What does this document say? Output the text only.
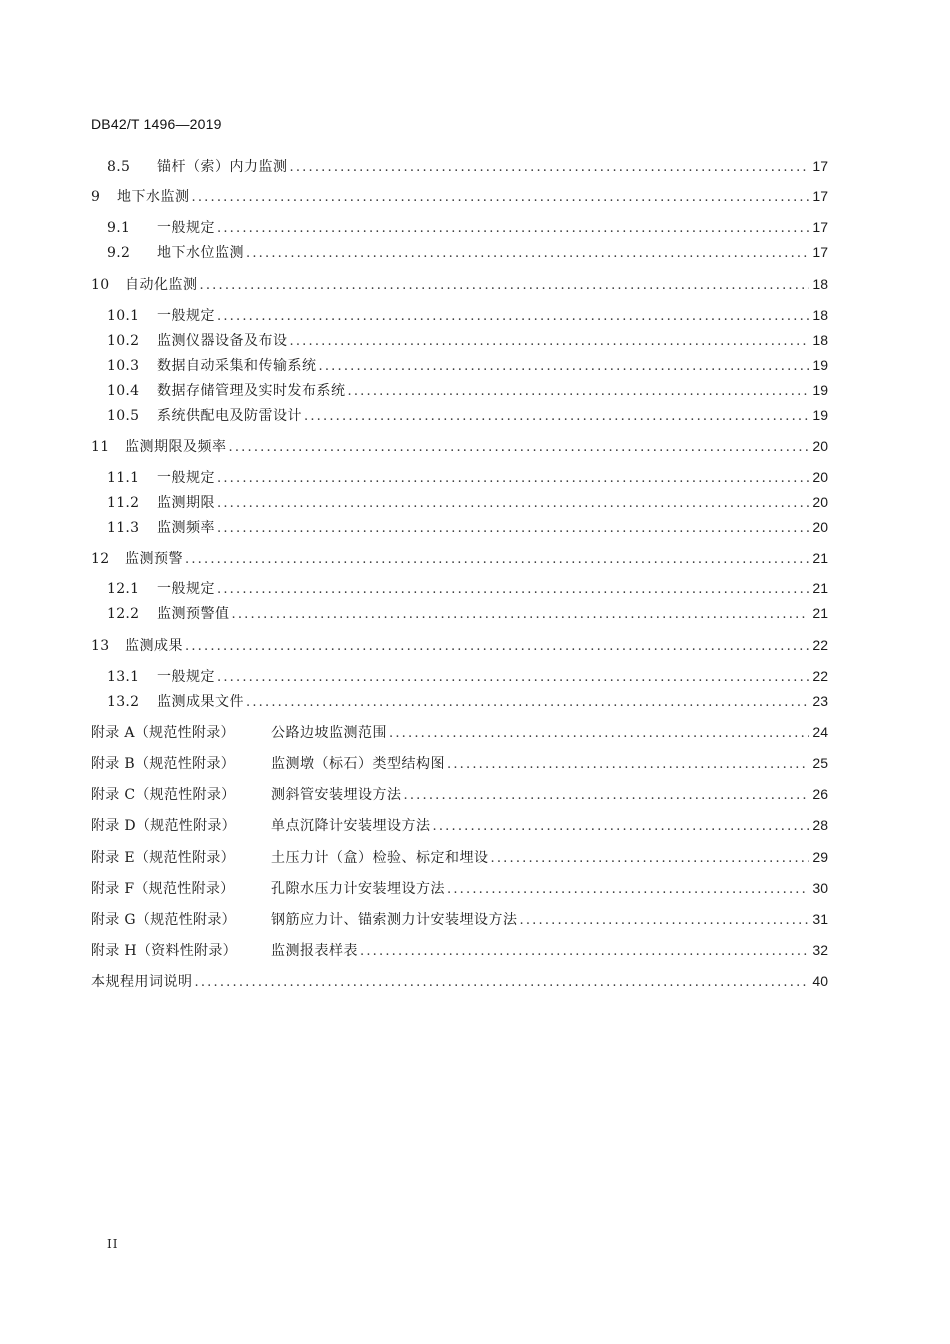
DB42/T 1496—2019
8.5	锚杆（索）内力监测 .....	17
9	地下水监测 .....	17
9.1	一般规定 .....	17
9.2	地下水位监测 .....	17
10	自动化监测 .....	18
10.1	一般规定 .....	18
10.2	监测仪器设备及布设 .....	18
10.3	数据自动采集和传输系统 .....	19
10.4	数据存储管理及实时发布系统 .....	19
10.5	系统供配电及防雷设计 .....	19
11	监测期限及频率 .....	20
11.1	一般规定 .....	20
11.2	监测期限 .....	20
11.3	监测频率 .....	20
12	监测预警 .....	21
12.1	一般规定 .....	21
12.2	监测预警值 .....	21
13	监测成果 .....	22
13.1	一般规定 .....	22
13.2	监测成果文件 .....	23
附录 A（规范性附录）	公路边坡监测范围 .....	24
附录 B（规范性附录）	监测墩（标石）类型结构图 .....	25
附录 C（规范性附录）	测斜管安装埋设方法 .....	26
附录 D（规范性附录）	单点沉降计安装埋设方法 .....	28
附录 E（规范性附录）	土压力计（盒）检验、标定和埋设 .....	29
附录 F（规范性附录）	孔隙水压力计安装埋设方法 .....	30
附录 G（规范性附录）	钢筋应力计、锚索测力计安装埋设方法 .....	31
附录 H（资料性附录）	监测报表样表 .....	32
本规程用词说明 .....	40
II
